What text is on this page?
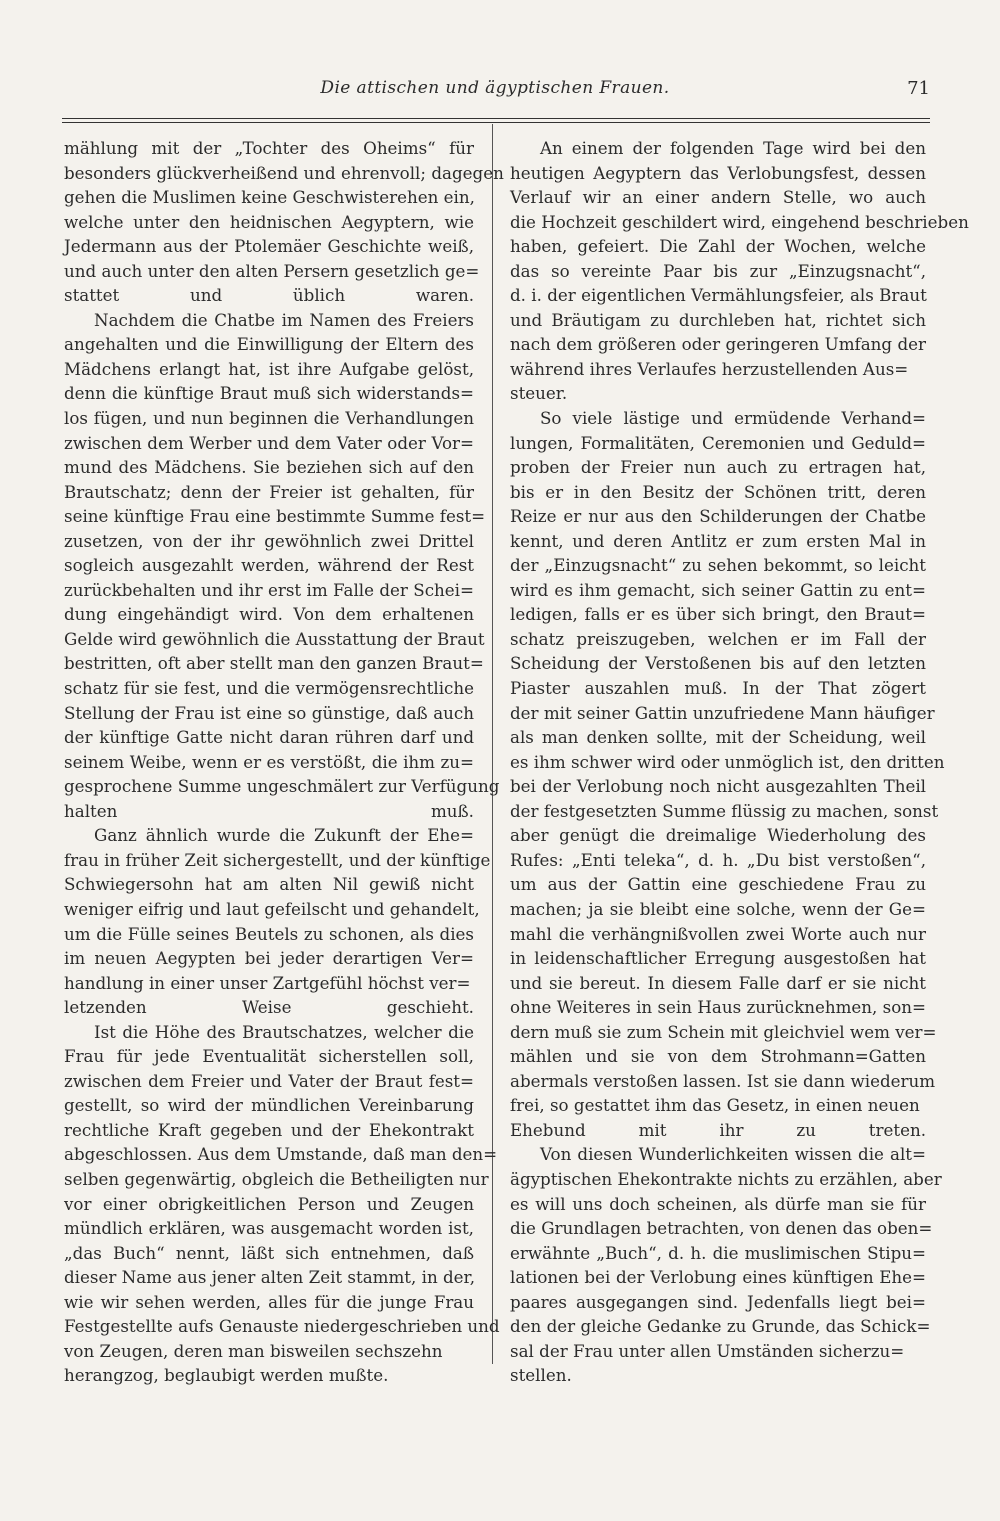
Die attischen und ägyptischen Frauen.	71
mählung mit der „Tochter des Oheims“ für
besonders glückverheißend und ehrenvoll; dagegen
gehen die Muslimen keine Geschwisterehen ein,
welche unter den heidnischen Aegyptern, wie
Jedermann aus der Ptolemäer Geschichte weiß,
und auch unter den alten Persern gesetzlich ge=
stattet und üblich waren.
Nachdem die Chatbe im Namen des Freiers
angehalten und die Einwilligung der Eltern des
Mädchens erlangt hat, ist ihre Aufgabe gelöst,
denn die künftige Braut muß sich widerstands=
los fügen, und nun beginnen die Verhandlungen
zwischen dem Werber und dem Vater oder Vor=
mund des Mädchens. Sie beziehen sich auf den
Brautschatz; denn der Freier ist gehalten, für
seine künftige Frau eine bestimmte Summe fest=
zusetzen, von der ihr gewöhnlich zwei Drittel
sogleich ausgezahlt werden, während der Rest
zurückbehalten und ihr erst im Falle der Schei=
dung eingehändigt wird. Von dem erhaltenen
Gelde wird gewöhnlich die Ausstattung der Braut
bestritten, oft aber stellt man den ganzen Braut=
schatz für sie fest, und die vermögensrechtliche
Stellung der Frau ist eine so günstige, daß auch
der künftige Gatte nicht daran rühren darf und
seinem Weibe, wenn er es verstößt, die ihm zu=
gesprochene Summe ungeschmälert zur Verfügung
halten muß.
Ganz ähnlich wurde die Zukunft der Ehe=
frau in früher Zeit sichergestellt, und der künftige
Schwiegersohn hat am alten Nil gewiß nicht
weniger eifrig und laut gefeilscht und gehandelt,
um die Fülle seines Beutels zu schonen, als dies
im neuen Aegypten bei jeder derartigen Ver=
handlung in einer unser Zartgefühl höchst ver=
letzenden Weise geschieht.
Ist die Höhe des Brautschatzes, welcher die
Frau für jede Eventualität sicherstellen soll,
zwischen dem Freier und Vater der Braut fest=
gestellt, so wird der mündlichen Vereinbarung
rechtliche Kraft gegeben und der Ehekontrakt
abgeschlossen. Aus dem Umstande, daß man den=
selben gegenwärtig, obgleich die Betheiligten nur
vor einer obrigkeitlichen Person und Zeugen
mündlich erklären, was ausgemacht worden ist,
„das Buch“ nennt, läßt sich entnehmen, daß
dieser Name aus jener alten Zeit stammt, in der,
wie wir sehen werden, alles für die junge Frau
Festgestellte aufs Genauste niedergeschrieben und
von Zeugen, deren man bisweilen sechszehn
herangzog, beglaubigt werden mußte.
An einem der folgenden Tage wird bei den
heutigen Aegyptern das Verlobungsfest, dessen
Verlauf wir an einer andern Stelle, wo auch
die Hochzeit geschildert wird, eingehend beschrieben
haben, gefeiert. Die Zahl der Wochen, welche
das so vereinte Paar bis zur „Einzugsnacht“,
d. i. der eigentlichen Vermählungsfeier, als Braut
und Bräutigam zu durchleben hat, richtet sich
nach dem größeren oder geringeren Umfang der
während ihres Verlaufes herzustellenden Aus=
steuer.
So viele lästige und ermüdende Verhand=
lungen, Formalitäten, Ceremonien und Geduld=
proben der Freier nun auch zu ertragen hat,
bis er in den Besitz der Schönen tritt, deren
Reize er nur aus den Schilderungen der Chatbe
kennt, und deren Antlitz er zum ersten Mal in
der „Einzugsnacht“ zu sehen bekommt, so leicht
wird es ihm gemacht, sich seiner Gattin zu ent=
ledigen, falls er es über sich bringt, den Braut=
schatz preiszugeben, welchen er im Fall der
Scheidung der Verstoßenen bis auf den letzten
Piaster auszahlen muß. In der That zögert
der mit seiner Gattin unzufriedene Mann häufiger
als man denken sollte, mit der Scheidung, weil
es ihm schwer wird oder unmöglich ist, den dritten
bei der Verlobung noch nicht ausgezahlten Theil
der festgesetzten Summe flüssig zu machen, sonst
aber genügt die dreimalige Wiederholung des
Rufes: „Enti teleka“, d. h. „Du bist verstoßen“,
um aus der Gattin eine geschiedene Frau zu
machen; ja sie bleibt eine solche, wenn der Ge=
mahl die verhängnißvollen zwei Worte auch nur
in leidenschaftlicher Erregung ausgestoßen hat
und sie bereut. In diesem Falle darf er sie nicht
ohne Weiteres in sein Haus zurücknehmen, son=
dern muß sie zum Schein mit gleichviel wem ver=
mählen und sie von dem Strohmann=Gatten
abermals verstoßen lassen. Ist sie dann wiederum
frei, so gestattet ihm das Gesetz, in einen neuen
Ehebund mit ihr zu treten.
Von diesen Wunderlichkeiten wissen die alt=
ägyptischen Ehekontrakte nichts zu erzählen, aber
es will uns doch scheinen, als dürfe man sie für
die Grundlagen betrachten, von denen das oben=
erwähnte „Buch“, d. h. die muslimischen Stipu=
lationen bei der Verlobung eines künftigen Ehe=
paares ausgegangen sind. Jedenfalls liegt bei=
den der gleiche Gedanke zu Grunde, das Schick=
sal der Frau unter allen Umständen sicherzu=
stellen.
